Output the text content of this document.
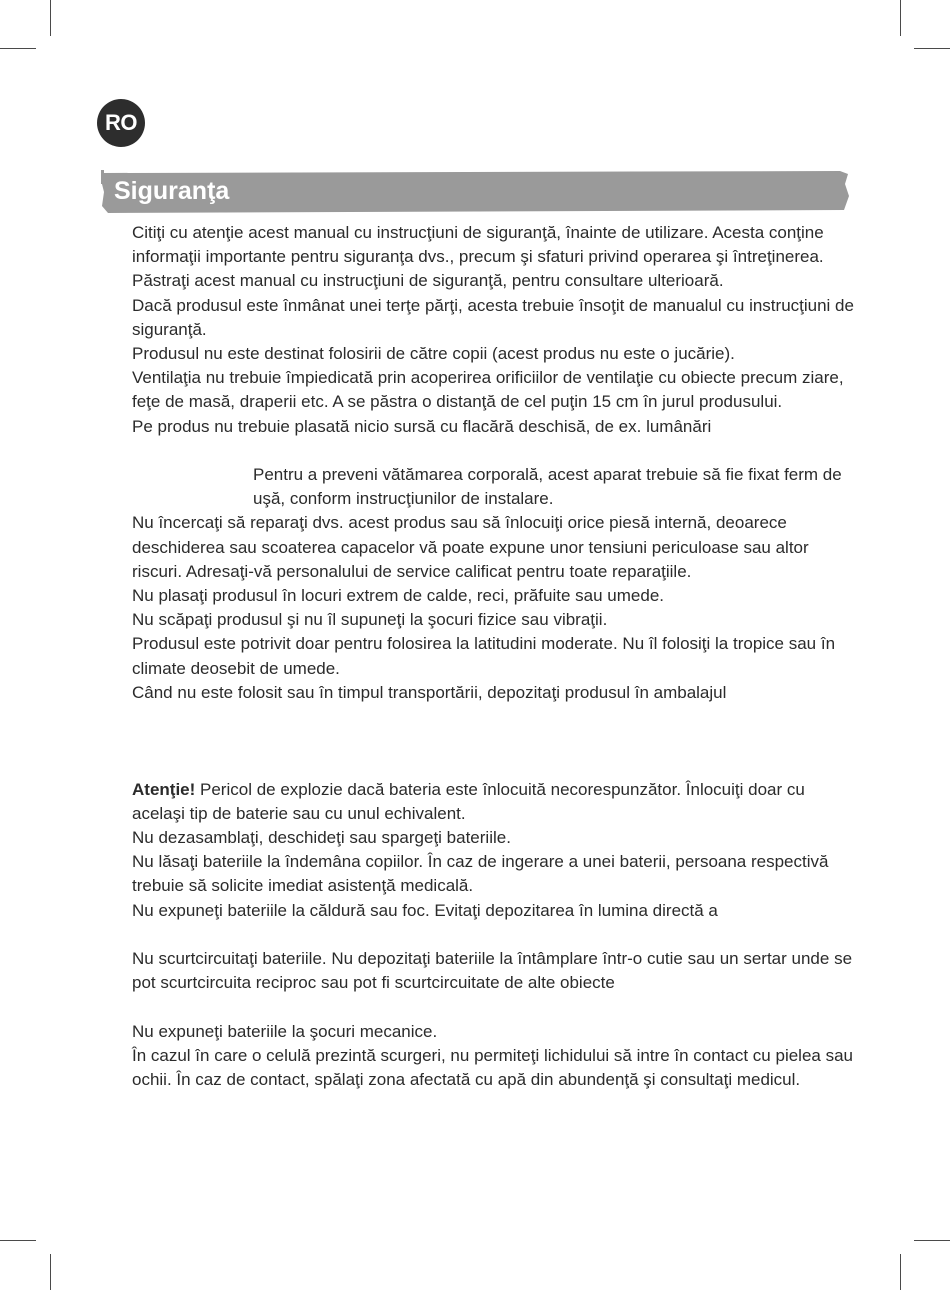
RO
Siguranţa

Citiţi cu atenţie acest manual cu instrucţiuni de siguranţă, înainte de utilizare. Acesta conţine informaţii importante pentru siguranţa dvs., precum şi sfaturi privind operarea şi întreţinerea.

Păstraţi acest manual cu instrucţiuni de siguranţă, pentru consultare ulterioară.

Dacă produsul este înmânat unei terţe părţi, acesta trebuie însoţit de manualul cu instrucţiuni de siguranţă.

Produsul nu este destinat folosirii de către copii (acest produs nu este o jucărie).

Ventilaţia nu trebuie împiedicată prin acoperirea orificiilor de ventilaţie cu obiecte precum ziare, feţe de masă, draperii etc. A se păstra o distanţă de cel puţin 15 cm în jurul produsului.

Pe produs nu trebuie plasată nicio sursă cu flacără deschisă, de ex. lumânări

Pentru a preveni vătămarea corporală, acest aparat trebuie să fie fixat ferm de uşă, conform instrucţiunilor de instalare.

Nu încercaţi să reparaţi dvs. acest produs sau să înlocuiţi orice piesă internă, deoarece deschiderea sau scoaterea capacelor vă poate expune unor tensiuni periculoase sau altor riscuri. Adresaţi-vă personalului de service calificat pentru toate reparaţiile.

Nu plasaţi produsul în locuri extrem de calde, reci, prăfuite sau umede.

Nu scăpaţi produsul şi nu îl supuneţi la şocuri fizice sau vibraţii.

Produsul este potrivit doar pentru folosirea la latitudini moderate. Nu îl folosiţi la tropice sau în climate deosebit de umede.

Când nu este folosit sau în timpul transportării, depozitaţi produsul în ambalajul

Atenţie! Pericol de explozie dacă bateria este înlocuită necorespunzător. Înlocuiţi doar cu acelaşi tip de baterie sau cu unul echivalent.

Nu dezasamblaţi, deschideţi sau spargeţi bateriile.

Nu lăsaţi bateriile la îndemâna copiilor. În caz de ingerare a unei baterii, persoana respectivă trebuie să solicite imediat asistenţă medicală.

Nu expuneţi bateriile la căldură sau foc. Evitaţi depozitarea în lumina directă a

Nu scurtcircuitaţi bateriile. Nu depozitaţi bateriile la întâmplare într-o cutie sau un sertar unde se pot scurtcircuita reciproc sau pot fi scurtcircuitate de alte obiecte

Nu expuneţi bateriile la şocuri mecanice.

În cazul în care o celulă prezintă scurgeri, nu permiteţi lichidului să intre în contact cu pielea sau ochii. În caz de contact, spălaţi zona afectată cu apă din abundenţă şi consultaţi medicul.
